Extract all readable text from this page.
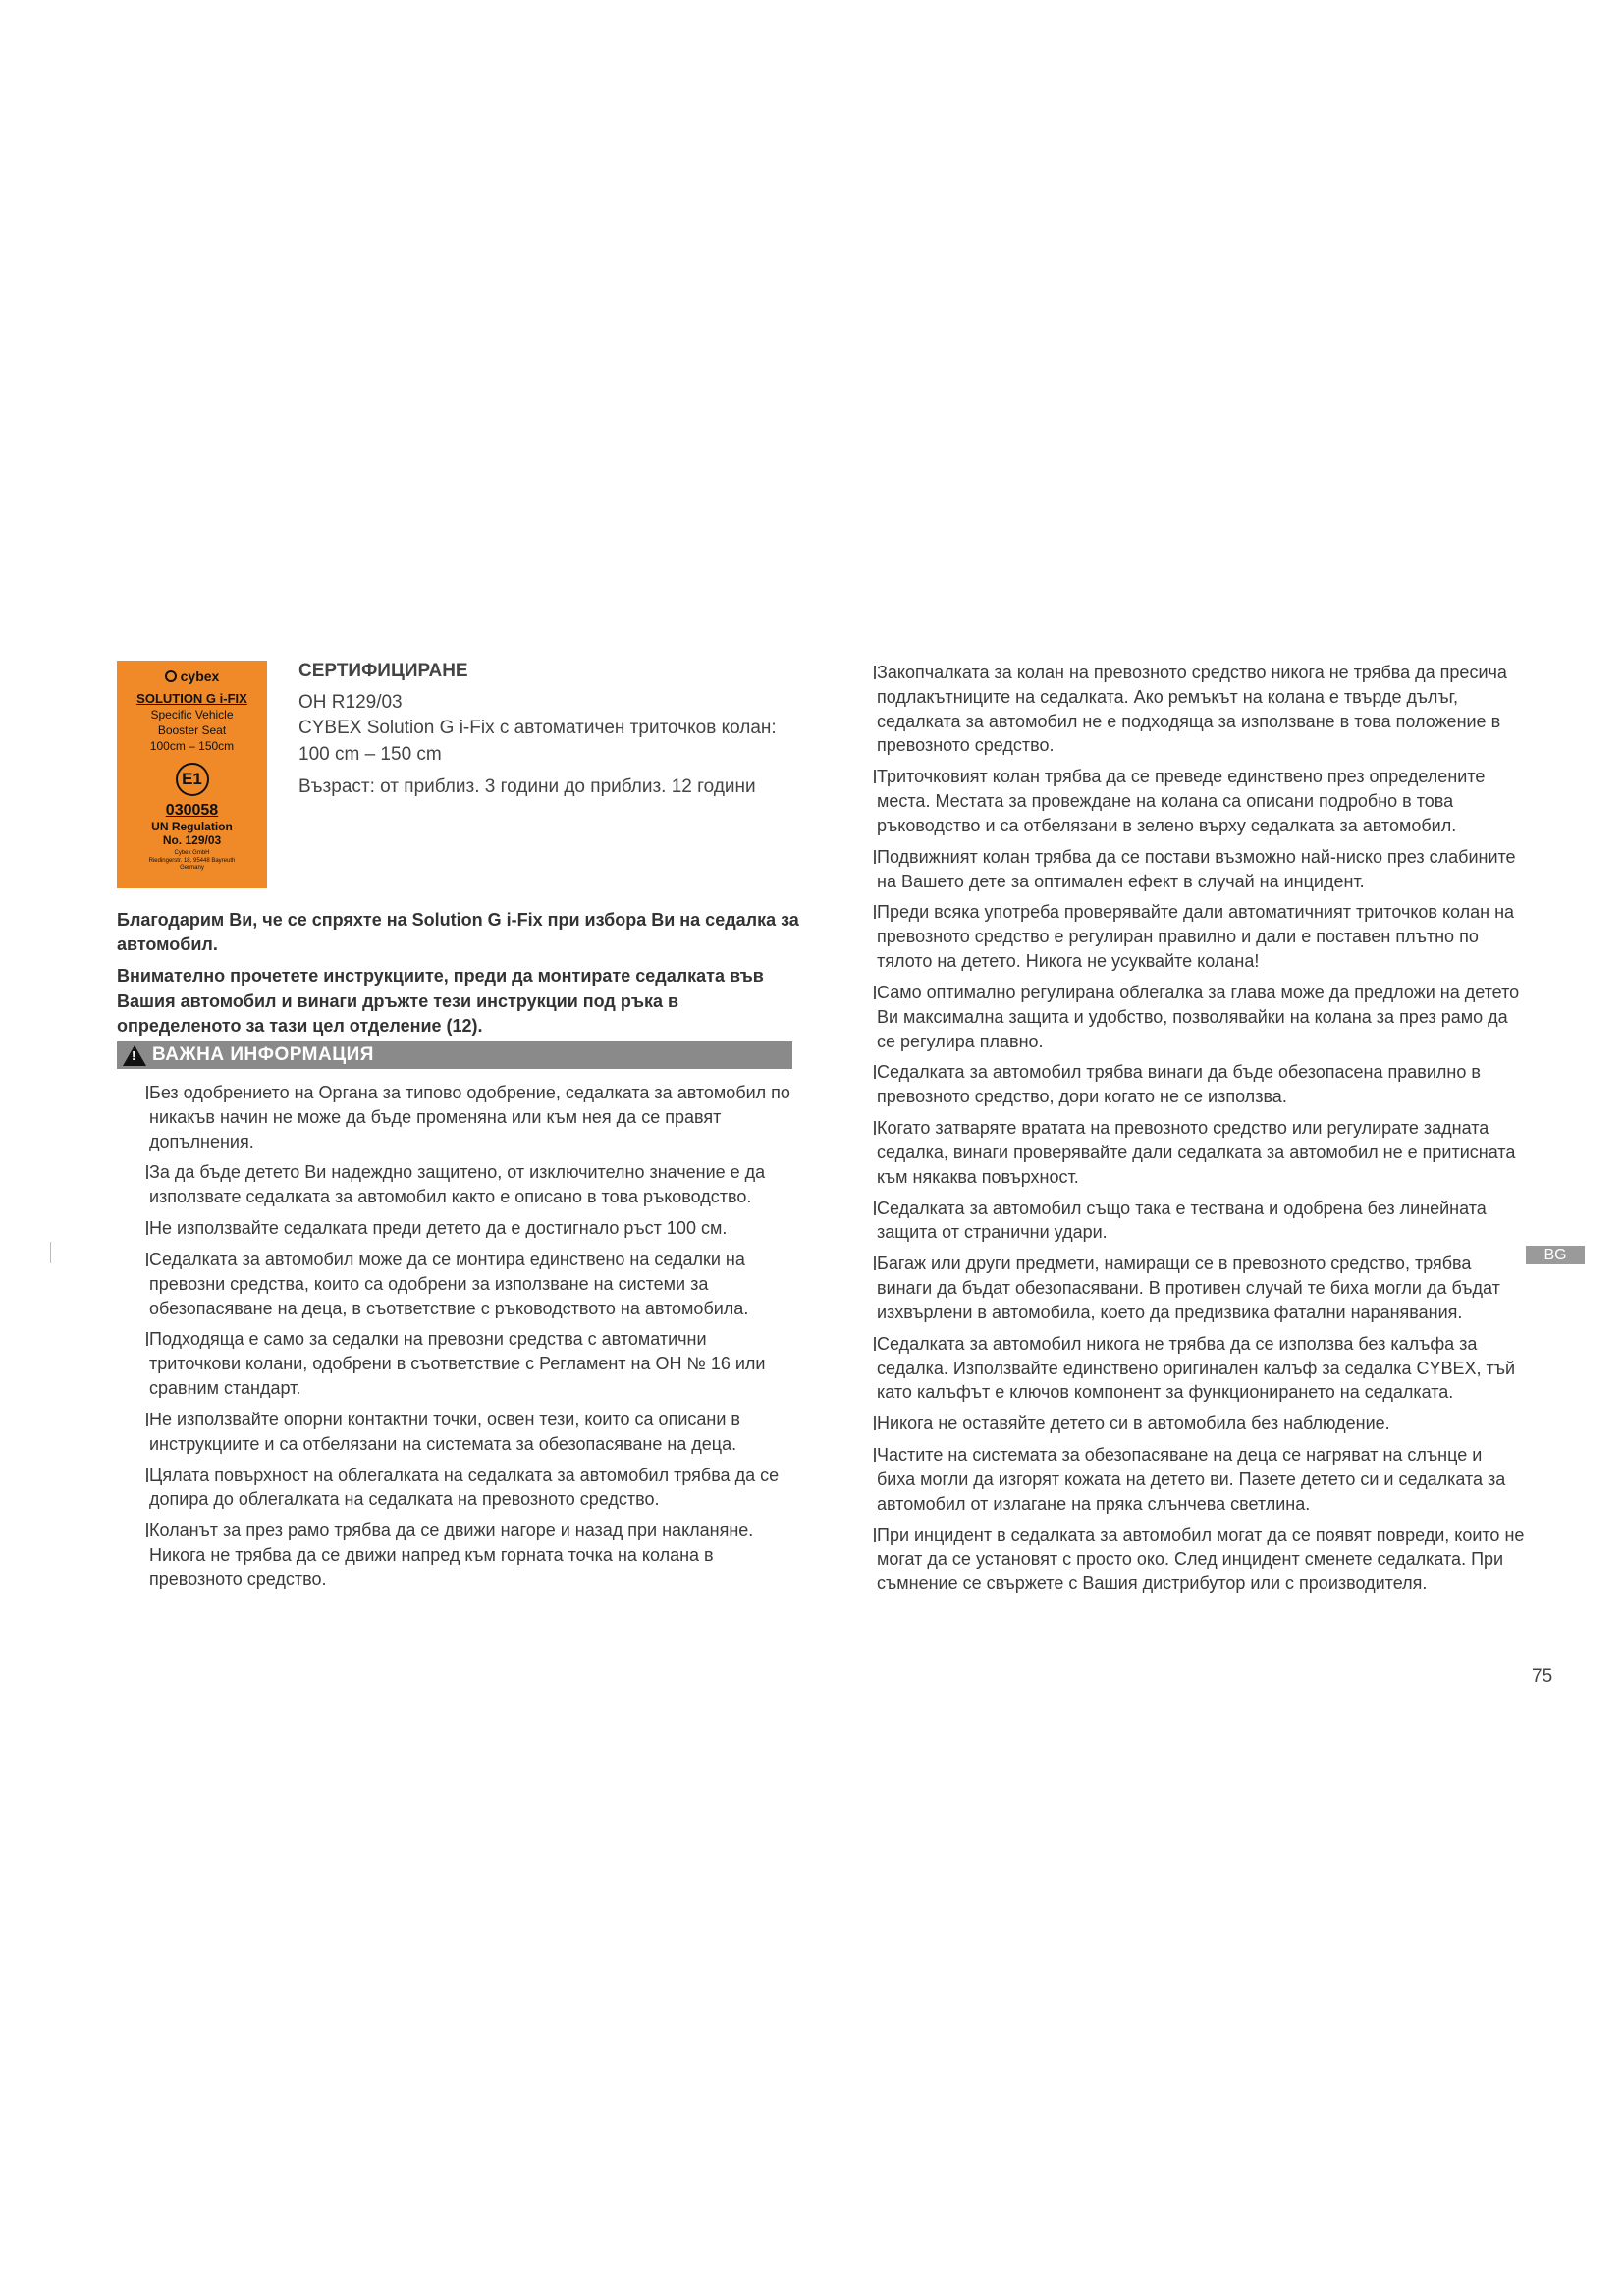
cybex
SOLUTION G i-FIX
Specific Vehicle
Booster Seat
100cm – 150cm
E1
030058
UN Regulation
No. 129/03
Cybex GmbH
Riedingerstr. 18, 95448 Bayreuth
Germany
СЕРТИФИЦИРАНЕ

ОН R129/03

CYBEX Solution G i-Fix с автоматичен триточков колан:

100 cm – 150 cm

Възраст: от приблиз. 3 години до приблиз. 12 години

Благодарим Ви, че се спряхте на Solution G i-Fix при избора Ви на седалка за автомобил.

Внимателно прочетете инструкциите, преди да монтирате седалката във Вашия автомобил и винаги дръжте тези инструкции под ръка в определеното за тази цел отделение (12).

! ВАЖНА ИНФОРМАЦИЯ
Без одобрението на Органа за типово одобрение, седалката за автомобил по никакъв начин не може да бъде променяна или към нея да се правят допълнения.
За да бъде детето Ви надеждно защитено, от изключително значение е да използвате седалката за автомобил както е описано в това ръководство.
Не използвайте седалката преди детето да е достигнало ръст 100 см.
Седалката за автомобил може да се монтира единствено на седалки на превозни средства, които са одобрени за използване на системи за обезопасяване на деца, в съответствие с ръководството на автомобила.
Подходяща е само за седалки на превозни средства с автоматични триточкови колани, одобрени в съответствие с Регламент на ОН № 16 или сравним стандарт.
Не използвайте опорни контактни точки, освен тези, които са описани в инструкциите и са отбелязани на системата за обезопасяване на деца.
Цялата повърхност на облегалката на седалката за автомобил трябва да се допира до облегалката на седалката на превозното средство.
Коланът за през рамо трябва да се движи нагоре и назад при накланяне. Никога не трябва да се движи напред към горната точка на колана в превозното средство.
Закопчалката за колан на превозното средство никога не трябва да пресича подлакътниците на седалката. Ако ремъкът на колана е твърде дълъг, седалката за автомобил не е подходяща за използване в това положение в превозното средство.
Триточковият колан трябва да се преведе единствено през определените места. Местата за провеждане на колана са описани подробно в това ръководство и са отбелязани в зелено върху седалката за автомобил.
Подвижният колан трябва да се постави възможно най-ниско през слабините на Вашето дете за оптимален ефект в случай на инцидент.
Преди всяка употреба проверявайте дали автоматичният триточков колан на превозното средство е регулиран правилно и дали е поставен плътно по тялото на детето. Никога не усуквайте колана!
Само оптимално регулирана облегалка за глава може да предложи на детето Ви максимална защита и удобство, позволявайки на колана за през рамо да се регулира плавно.
Седалката за автомобил трябва винаги да бъде обезопасена правилно в превозното средство, дори когато не се използва.
Когато затваряте вратата на превозното средство или регулирате задната седалка, винаги проверявайте дали седалката за автомобил не е притисната към някаква повърхност.
Седалката за автомобил също така е тествана и одобрена без линейната защита от странични удари.
Багаж или други предмети, намиращи се в превозното средство, трябва винаги да бъдат обезопасявани. В противен случай те биха могли да бъдат изхвърлени в автомобила, което да предизвика фатални наранявания.
Седалката за автомобил никога не трябва да се използва без калъфа за седалка. Използвайте единствено оригинален калъф за седалка CYBEX, тъй като калъфът е ключов компонент за функционирането на седалката.
Никога не оставяйте детето си в автомобила без наблюдение.
Частите на системата за обезопасяване на деца се нагряват на слънце и биха могли да изгорят кожата на детето ви. Пазете детето си и седалката за автомобил от излагане на пряка слънчева светлина.
При инцидент в седалката за автомобил могат да се появят повреди, които не могат да се установят с просто око. След инцидент сменете седалката. При съмнение се свържете с Вашия дистрибутор или с производителя.
BG
75
